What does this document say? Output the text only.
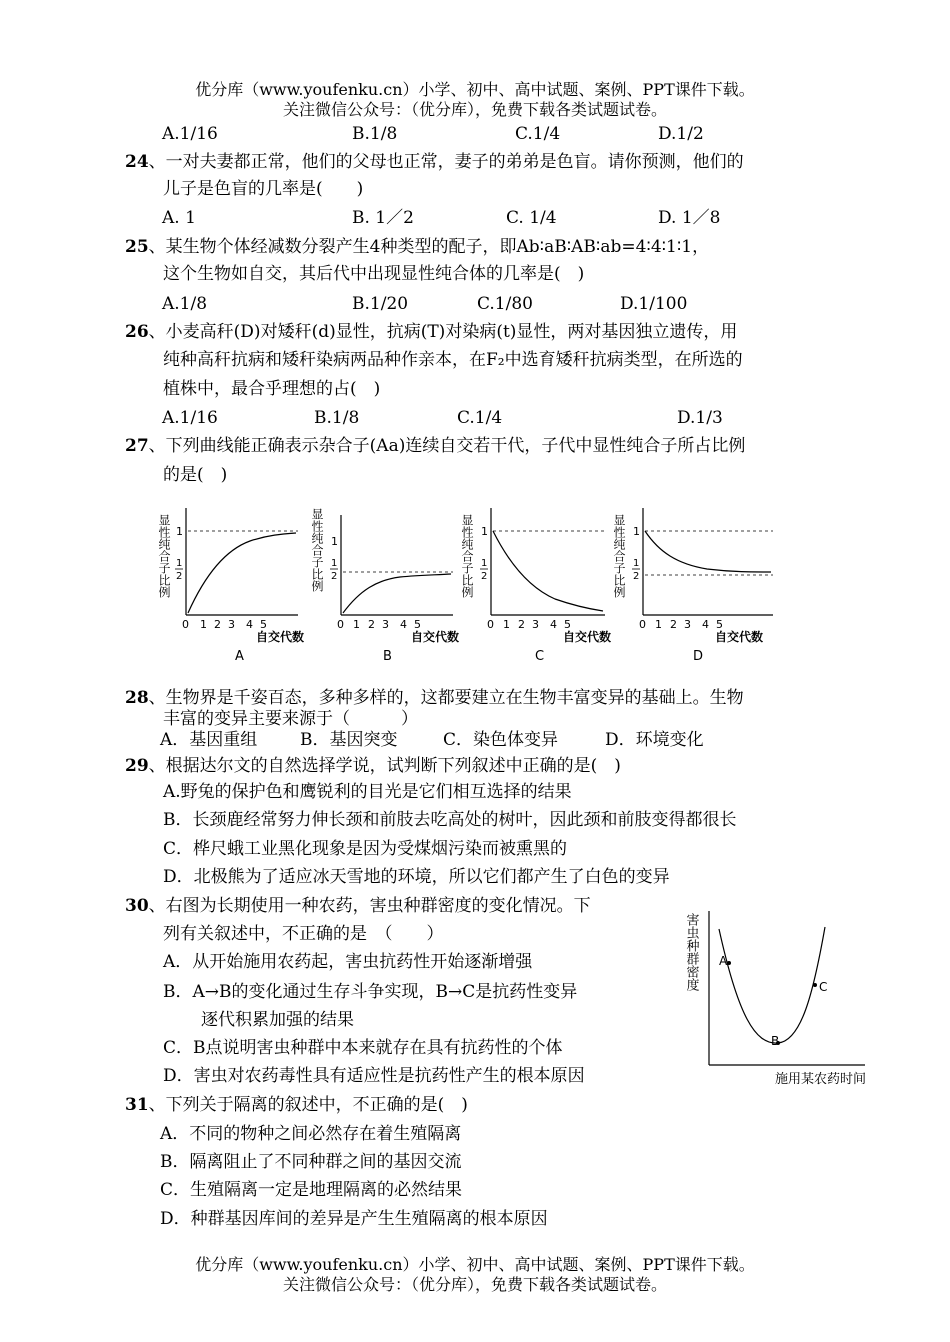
优分库（www.youfenku.cn）小学、初中、高中试题、案例、PPT课件下载。
关注微信公众号：（优分库），免费下载各类试题试卷。
A.1/16	B.1/8	C.1/4	D.1/2
24、一对夫妻都正常，他们的父母也正常，妻子的弟弟是色盲。请你预测，他们的
儿子是色盲的几率是(　　)
A. 1	B. 1／2	C. 1/4	D. 1／8
25、某生物个体经减数分裂产生4种类型的配子，即Ab∶aB∶AB∶ab=4∶4∶1∶1，
这个生物如自交，其后代中出现显性纯合体的几率是(　)
A.1/8	B.1/20	C.1/80	D.1/100
26、小麦高秆(D)对矮秆(d)显性，抗病(T)对染病(t)显性，两对基因独立遗传，用
纯种高秆抗病和矮秆染病两品种作亲本，在F₂中选育矮秆抗病类型，在所选的
植株中，最合乎理想的占(　)
A.1/16	B.1/8	C.1/4	D.1/3
27、下列曲线能正确表示杂合子(Aa)连续自交若干代，子代中显性纯合子所占比例
的是(　)
显性纯合子比例 1
1
2
0 1 2 3 4 5
自交代数
A
显性纯合子比例 1
1
2
0 1 2 3 4 5
自交代数
B
显性纯合子比例 1
1
2
0 1 2 3 4 5
自交代数
C
显性纯合子比例 1
1
2
0 1 2 3 4 5
自交代数
D
28、生物界是千姿百态，多种多样的，这都要建立在生物丰富变异的基础上。生物
丰富的变异主要来源于（　　　）
A．基因重组	B．基因突变	C．染色体变异	D．环境变化
29、根据达尔文的自然选择学说，试判断下列叙述中正确的是(　)
A.野兔的保护色和鹰锐利的目光是它们相互选择的结果
B．长颈鹿经常努力伸长颈和前肢去吃高处的树叶，因此颈和前肢变得都很长
C．桦尺蛾工业黑化现象是因为受煤烟污染而被熏黑的
D．北极熊为了适应冰天雪地的环境，所以它们都产生了白色的变异
30、右图为长期使用一种农药，害虫种群密度的变化情况。下
列有关叙述中，不正确的是　（　　）
A．从开始施用农药起，害虫抗药性开始逐渐增强
B．A→B的变化通过生存斗争实现，B→C是抗药性变异
逐代积累加强的结果
C．B点说明害虫种群中本来就存在具有抗药性的个体
D．害虫对农药毒性具有适应性是抗药性产生的根本原因
害虫种群密度 A
B
C
施用某农药时间
31、下列关于隔离的叙述中，不正确的是(　)
A．不同的物种之间必然存在着生殖隔离
B．隔离阻止了不同种群之间的基因交流
C．生殖隔离一定是地理隔离的必然结果
D．种群基因库间的差异是产生生殖隔离的根本原因
优分库（www.youfenku.cn）小学、初中、高中试题、案例、PPT课件下载。
关注微信公众号：（优分库），免费下载各类试题试卷。
